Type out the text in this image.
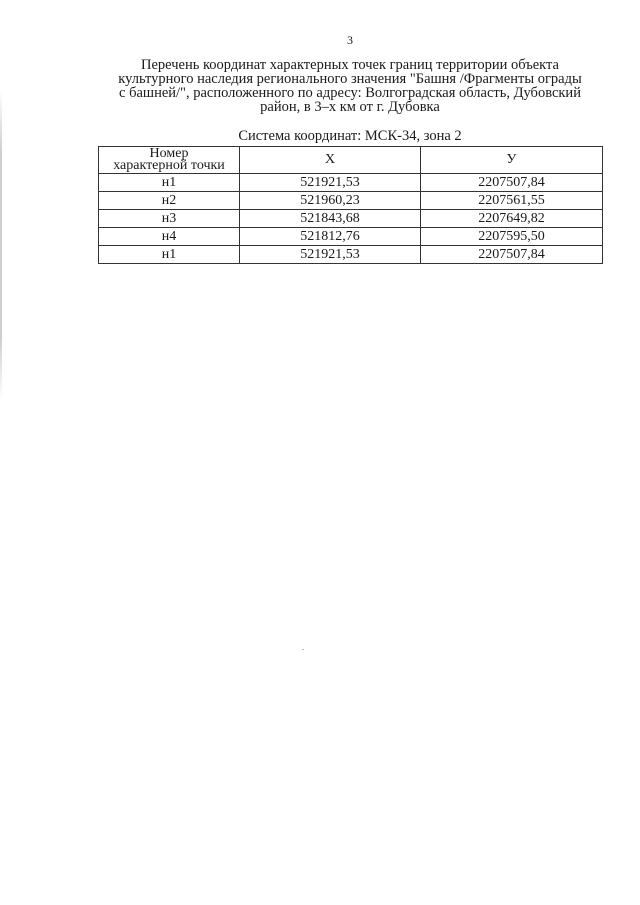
3
Перечень координат характерных точек границ территории объекта
культурного наследия регионального значения "Башня /Фрагменты ограды
с башней/", расположенного по адресу: Волгоградская область, Дубовский
район, в 3–х км от г. Дубовка
Система координат: МСК-34, зона 2
Номер
характерной точки	X	У
н1	521921,53	2207507,84
н2	521960,23	2207561,55
н3	521843,68	2207649,82
н4	521812,76	2207595,50
н1	521921,53	2207507,84
